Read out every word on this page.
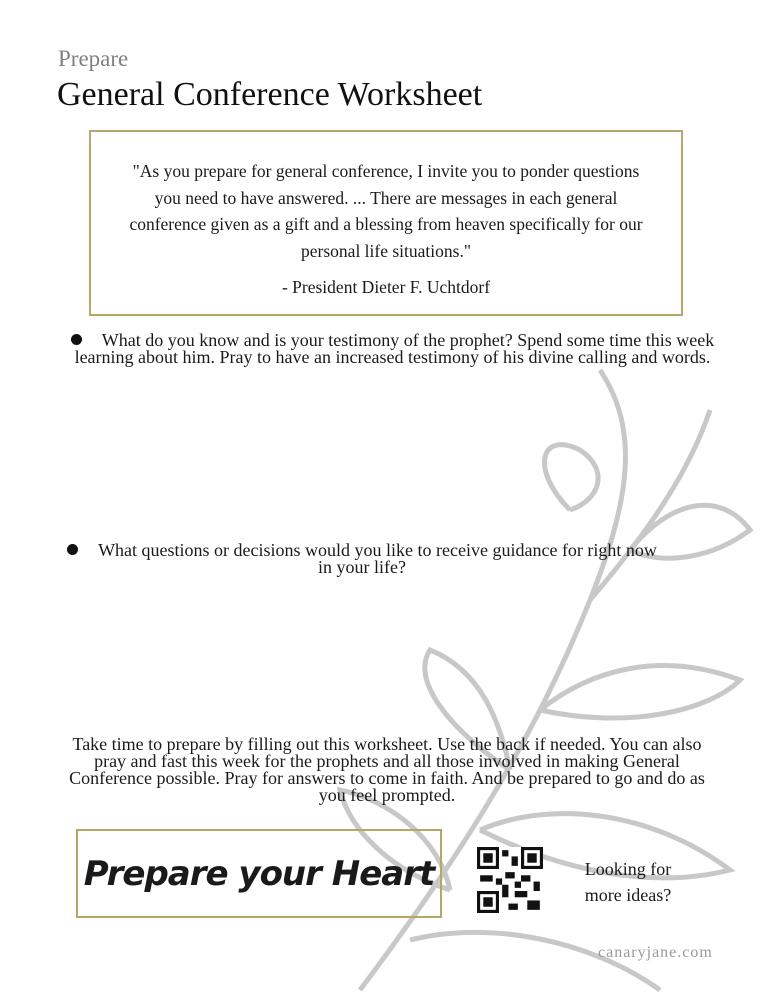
Prepare
General Conference Worksheet
"As you prepare for general conference, I invite you to ponder questions you need to have answered. ... There are messages in each general conference given as a gift and a blessing from heaven specifically for our personal life situations."
- President Dieter F. Uchtdorf
What do you know and is your testimony of the prophet? Spend some time this week learning about him. Pray to have an increased testimony of his divine calling and words.
What questions or decisions would you like to receive guidance for right now in your life?
Take time to prepare by filling out this worksheet. Use the back if needed. You can also pray and fast this week for the prophets and all those involved in making General Conference possible. Pray for answers to come in faith. And be prepared to go and do as you feel prompted.
Prepare your Heart	Looking for more ideas?
canaryjane.com
